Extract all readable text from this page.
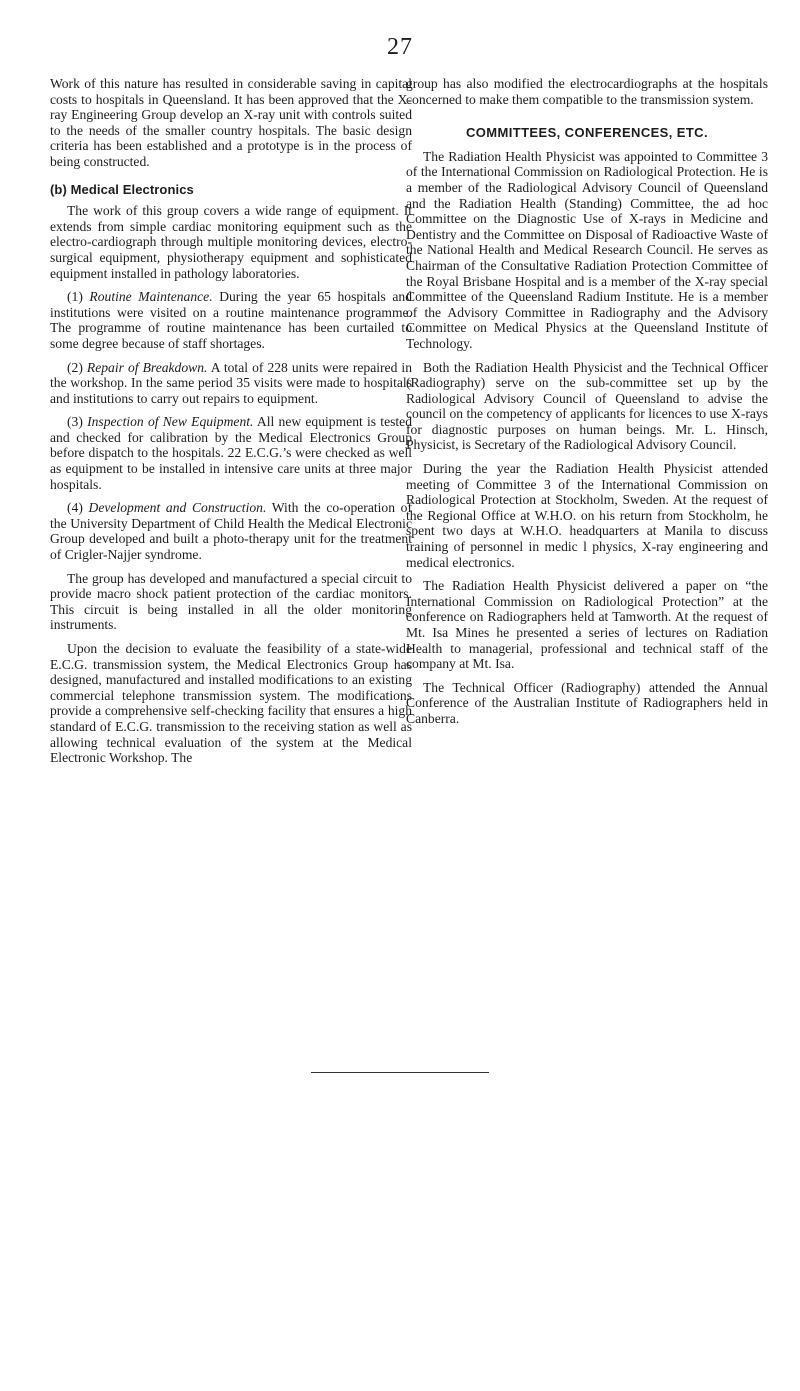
27

Work of this nature has resulted in considerable saving in capital costs to hospitals in Queensland. It has been approved that the X-ray Engineering Group develop an X-ray unit with controls suited to the needs of the smaller country hospitals. The basic design criteria has been established and a prototype is in the process of being constructed.

(b) Medical Electronics

The work of this group covers a wide range of equipment. It extends from simple cardiac monitoring equipment such as the electro-cardiograph through multiple monitoring devices, electro-surgical equipment, physiotherapy equipment and sophisticated equipment installed in pathology laboratories.

(1) Routine Maintenance. During the year 65 hospitals and institutions were visited on a routine maintenance programme. The programme of routine maintenance has been curtailed to some degree because of staff shortages.

(2) Repair of Breakdown. A total of 228 units were repaired in the workshop. In the same period 35 visits were made to hospitals and institutions to carry out repairs to equipment.

(3) Inspection of New Equipment. All new equipment is tested and checked for calibration by the Medical Electronics Group before dispatch to the hospitals. 22 E.C.G.’s were checked as well as equipment to be installed in intensive care units at three major hospitals.

(4) Development and Construction. With the co-operation of the University Department of Child Health the Medical Electronic Group developed and built a photo-therapy unit for the treatment of Crigler-Najjer syndrome.

The group has developed and manufactured a special circuit to provide macro shock patient protection of the cardiac monitors. This circuit is being installed in all the older monitoring instruments.

Upon the decision to evaluate the feasibility of a state-wide E.C.G. transmission system, the Medical Electronics Group has designed, manufactured and installed modifications to an existing commercial telephone transmission system. The modifications provide a comprehensive self-checking facility that ensures a high standard of E.C.G. transmission to the receiving station as well as allowing technical evaluation of the system at the Medical Electronic Workshop. The

group has also modified the electrocardiographs at the hospitals concerned to make them compatible to the transmission system.

COMMITTEES, CONFERENCES, ETC.

The Radiation Health Physicist was appointed to Committee 3 of the International Commission on Radiological Protection. He is a member of the Radiological Advisory Council of Queensland and the Radiation Health (Standing) Committee, the ad hoc Committee on the Diagnostic Use of X-rays in Medicine and Dentistry and the Committee on Disposal of Radioactive Waste of the National Health and Medical Research Council. He serves as Chairman of the Consultative Radiation Protection Committee of the Royal Brisbane Hospital and is a member of the X-ray special Committee of the Queensland Radium Institute. He is a member of the Advisory Committee in Radiography and the Advisory Committee on Medical Physics at the Queensland Institute of Technology.

Both the Radiation Health Physicist and the Technical Officer (Radiography) serve on the sub-committee set up by the Radiological Advisory Council of Queensland to advise the council on the competency of applicants for licences to use X-rays for diagnostic purposes on human beings. Mr. L. Hinsch, Physicist, is Secretary of the Radiological Advisory Council.

During the year the Radiation Health Physicist attended meeting of Committee 3 of the International Commission on Radiological Protection at Stockholm, Sweden. At the request of the Regional Office at W.H.O. on his return from Stockholm, he spent two days at W.H.O. headquarters at Manila to discuss training of personnel in medic l physics, X-ray engineering and medical electronics.

The Radiation Health Physicist delivered a paper on “the International Commission on Radiological Protection” at the conference on Radiographers held at Tamworth. At the request of Mt. Isa Mines he presented a series of lectures on Radiation Health to managerial, professional and technical staff of the company at Mt. Isa.

The Technical Officer (Radiography) attended the Annual Conference of the Australian Institute of Radiographers held in Canberra.
